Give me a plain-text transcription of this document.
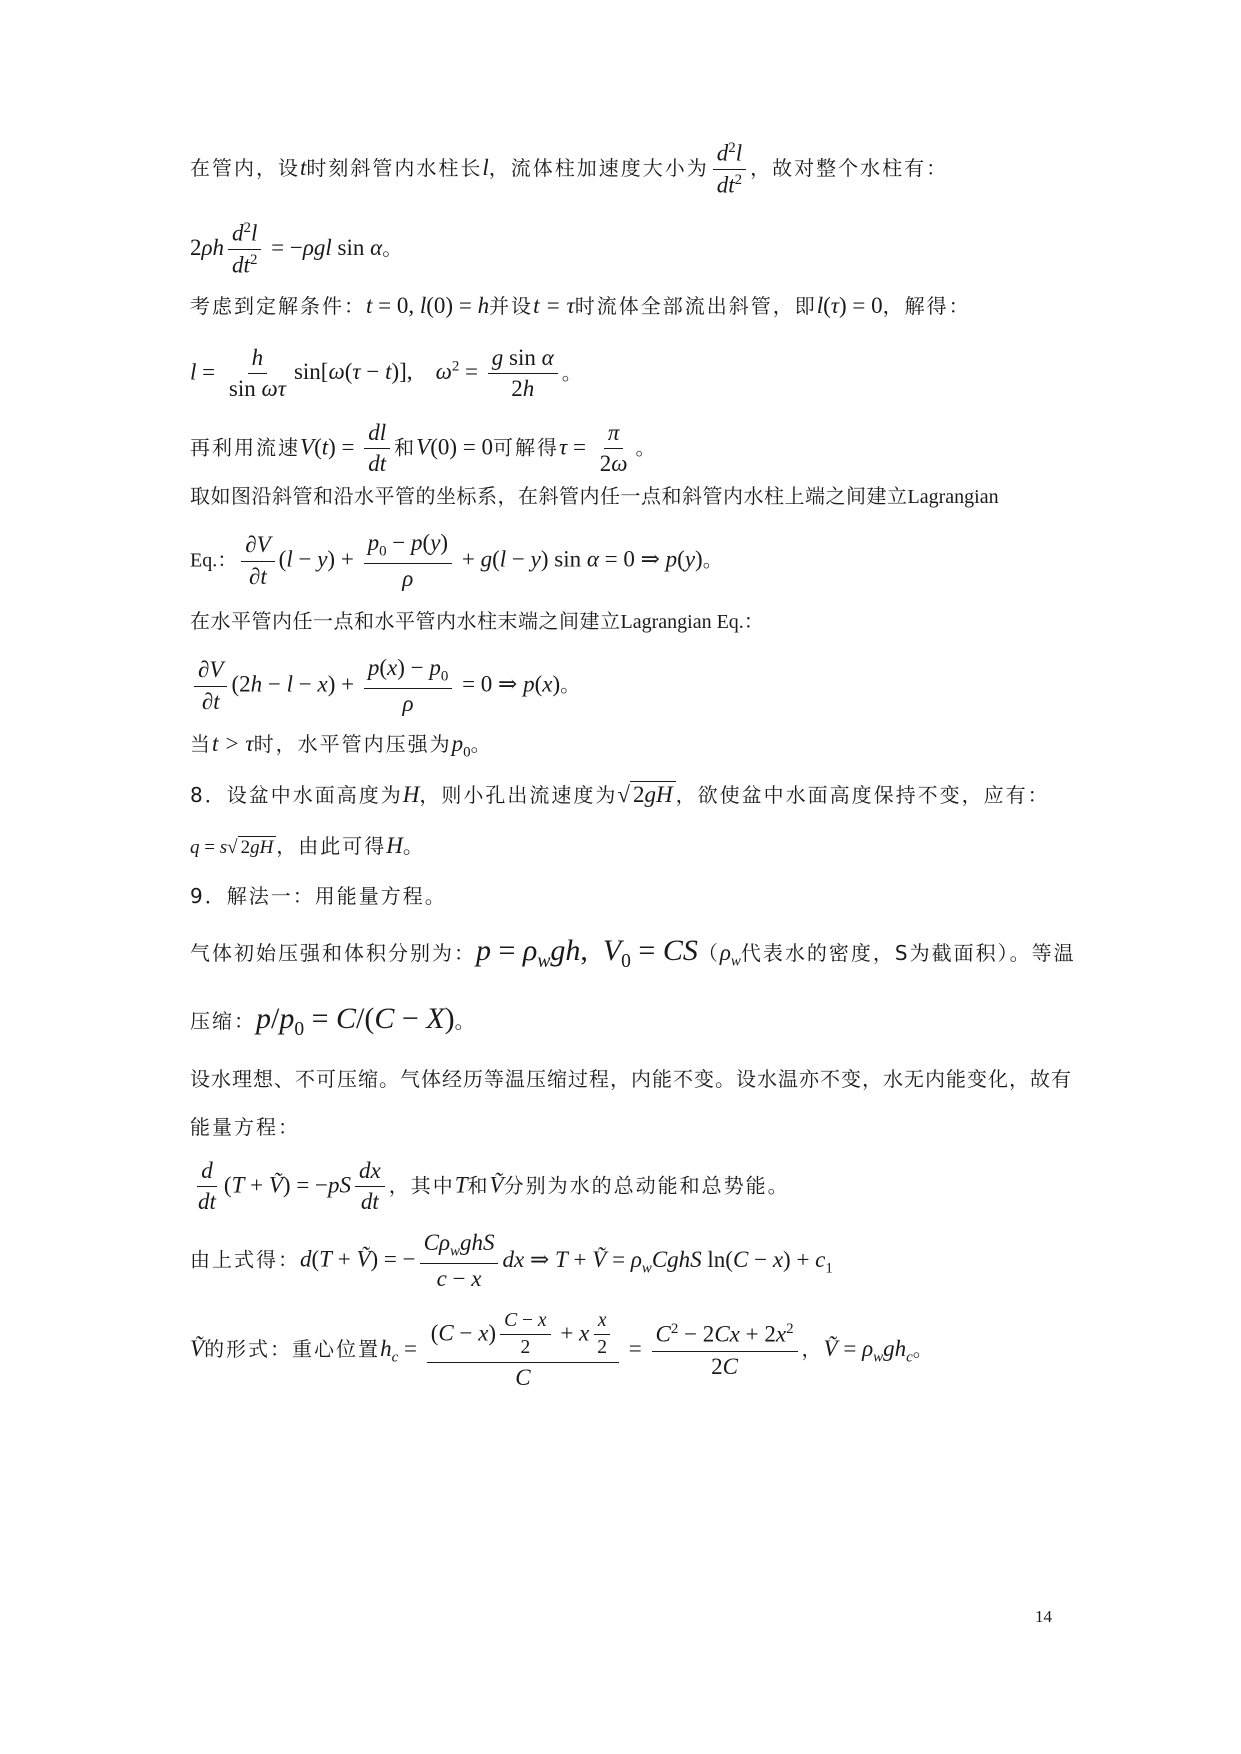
在管内，设t时刻斜管内水柱长l，流体柱加速度大小为 $\frac{d^2l}{dt^2}$ ，故对整个水柱有：
$2\rho h \frac{d^2l}{dt^2} = -\rho gl$ sin α。
考虑到定解条件：t = 0, l(0) = h并设t = τ时流体全部流出斜管，即l(τ) = 0，解得：
$l = \frac{h}{\text{sin ωτ}} \sin[\omega(\tau - t)]$,    $\omega^2 = \frac{\text{g sin α}}{2h}$ 。
再利用流速$V(t) = \frac{dl}{dt}$ 和V(0) = 0可解得$\tau = \frac{\pi}{2\omega}$ 。
取如图沿斜管和沿水平管的坐标系，在斜管内任一点和斜管内水柱上端之间建立Lagrangian
Eq.： $\frac{\partial V}{\partial t} (l - y) + \frac{p_0 - p(y)}{\rho} + g(l - y)$ sin α = 0 ⇒ p(y)。
在水平管内任一点和水平管内水柱末端之间建立Lagrangian Eq.：
$\frac{\partial V}{\partial t} (2h - l - x) + \frac{p(x) - p_0}{\rho} = 0$ ⇒ p(x)。
当t > τ时，水平管内压强为$p_0$。
8．设盆中水面高度为H，则小孔出流速度为√ 2gH ，欲使盆中水面高度保持不变，应有：
q = s√ 2gH ，由此可得H。
9．解法一：用能量方程。
气体初始压强和体积分别为：$p = \rho_wgh$,  $V_0 = CS(\rho_w$代表水的密度，S为截面积）。等温
压缩：$p/p_0 = C/(C - X)$。
设水理想、不可压缩。气体经历等温压缩过程，内能不变。设水温亦不变，水无内能变化，故有
能量方程：
$\frac{d}{dt} (T$ + Ṽ) = $-pS \frac{dx}{dt}$ ，其中T和Ṽ分别为水的总动能和总势能。
由上式得：d(T + Ṽ) = − $\frac{C\rho_wghS}{c - x}$ dx ⇒ T + Ṽ = $\rho_wCghS$ $\ln(C - x) + c_1$
Ṽ的形式：重心位置$h_c = \frac{(C - x) \frac{C - x}{2} + x \frac{x}{2}}{C} = \frac{C^2 - 2Cx + 2x^2}{2C}$ ，Ṽ = $\rho_wgh_c$。
14
